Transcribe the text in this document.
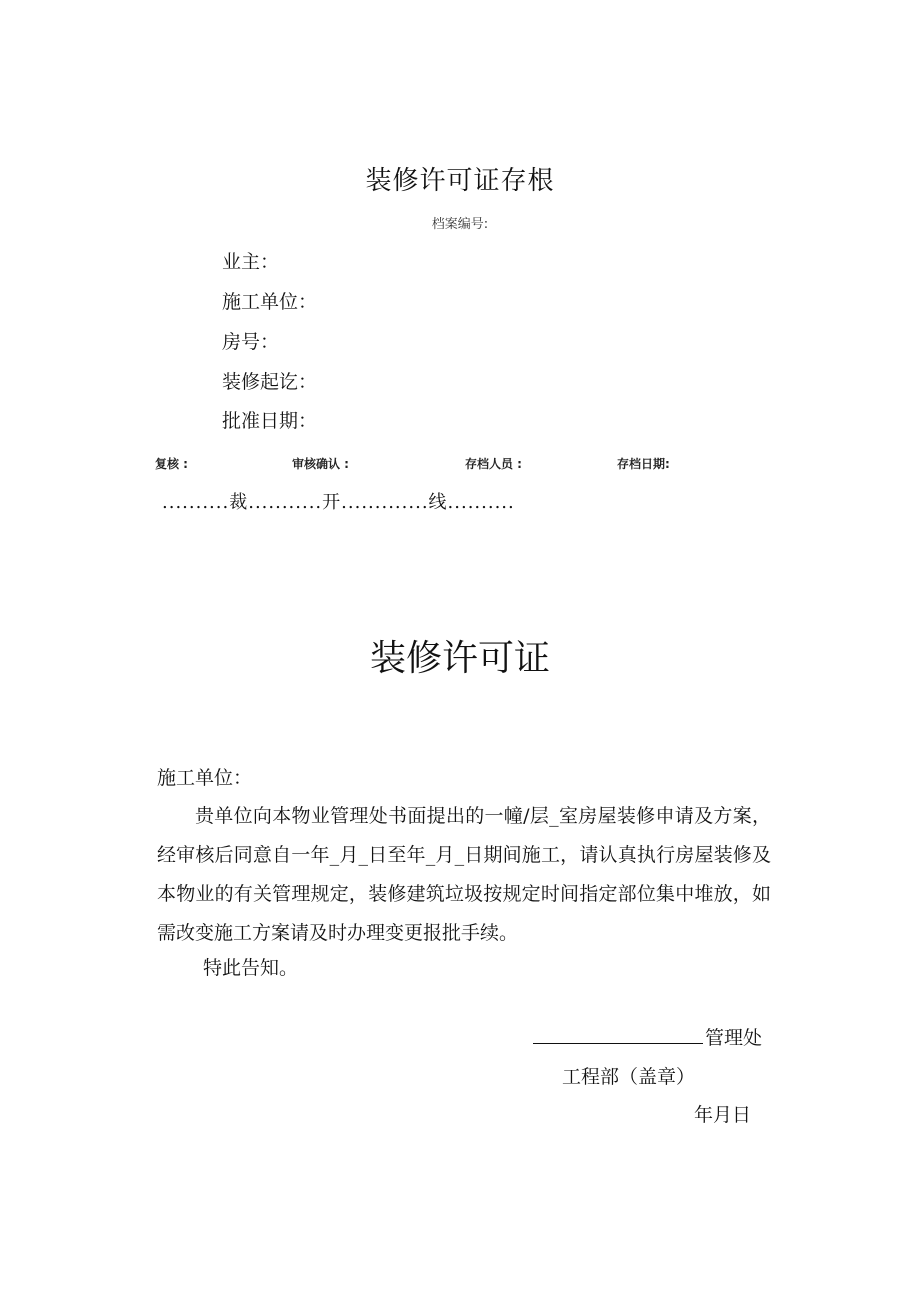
装修许可证存根
档案编号:
业主：
施工单位：
房号：
装修起讫：
批准日期：
复核 :	审核确认 :	存档人员 :	存档日期:
..........裁...........开.............线..........
装修许可证
施工单位：

贵单位向本物业管理处书面提出的一幢/层_室房屋装修申请及方案，经审核后同意自一年_月_日至年_月_日期间施工，请认真执行房屋装修及本物业的有关管理规定，装修建筑垃圾按规定时间指定部位集中堆放，如需改变施工方案请及时办理变更报批手续。

特此告知。
管理处
工程部（盖章）
年月日
